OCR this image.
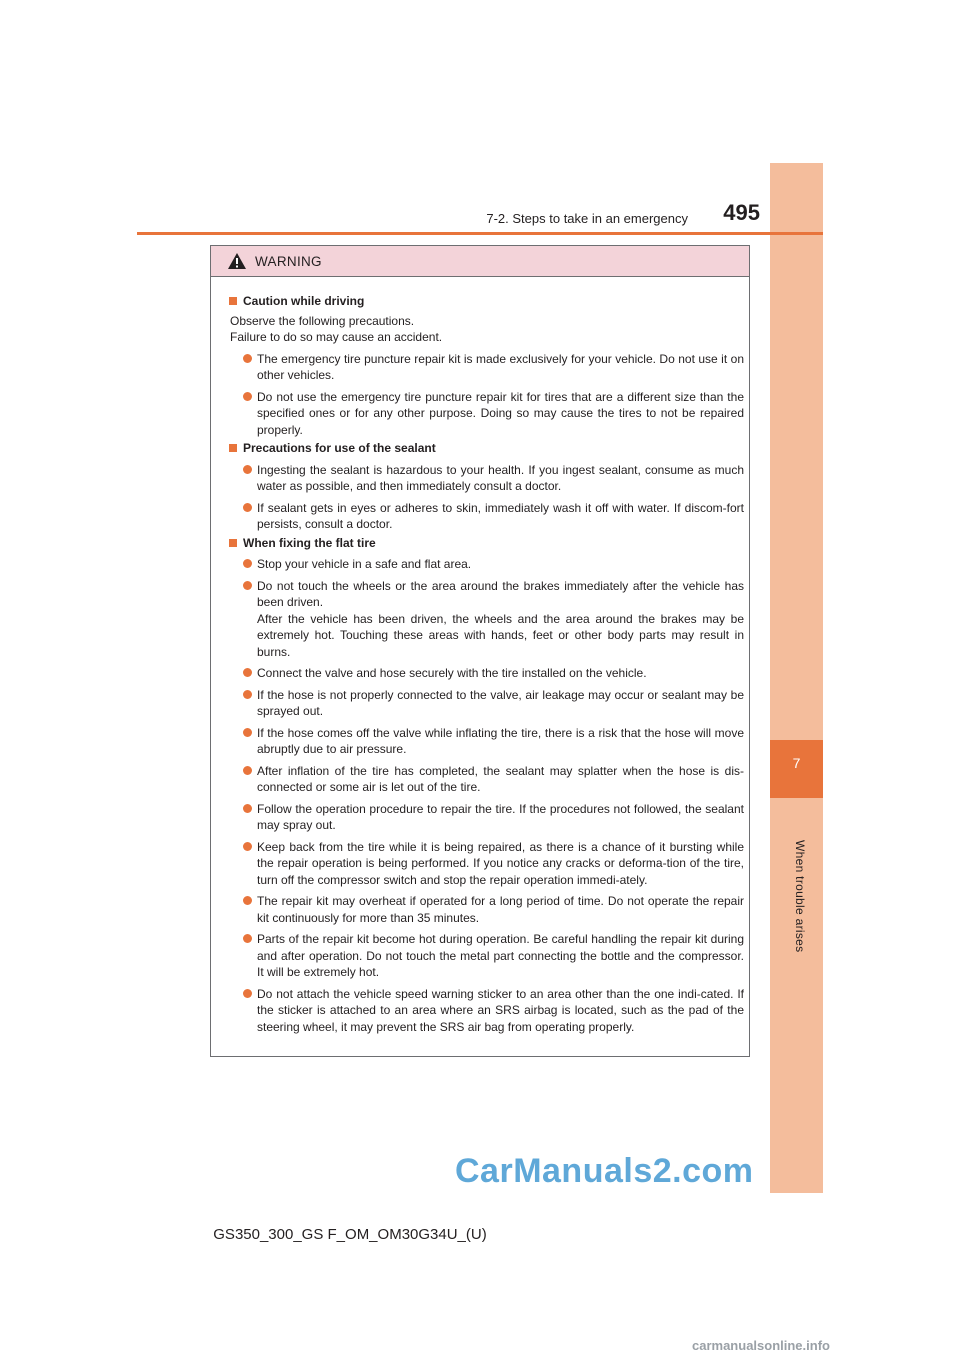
7
When trouble arises
7-2. Steps to take in an emergency	495
WARNING
Caution while driving
Observe the following precautions.
Failure to do so may cause an accident.
The emergency tire puncture repair kit is made exclusively for your vehicle. Do not use it on other vehicles.
Do not use the emergency tire puncture repair kit for tires that are a different size than the specified ones or for any other purpose. Doing so may cause the tires to not be repaired properly.
Precautions for use of the sealant
Ingesting the sealant is hazardous to your health. If you ingest sealant, consume as much water as possible, and then immediately consult a doctor.
If sealant gets in eyes or adheres to skin, immediately wash it off with water. If discom-fort persists, consult a doctor.
When fixing the flat tire
Stop your vehicle in a safe and flat area.
Do not touch the wheels or the area around the brakes immediately after the vehicle has been driven.
After the vehicle has been driven, the wheels and the area around the brakes may be extremely hot. Touching these areas with hands, feet or other body parts may result in burns.
Connect the valve and hose securely with the tire installed on the vehicle.
If the hose is not properly connected to the valve, air leakage may occur or sealant may be sprayed out.
If the hose comes off the valve while inflating the tire, there is a risk that the hose will move abruptly due to air pressure.
After inflation of the tire has completed, the sealant may splatter when the hose is dis-connected or some air is let out of the tire.
Follow the operation procedure to repair the tire. If the procedures not followed, the sealant may spray out.
Keep back from the tire while it is being repaired, as there is a chance of it bursting while the repair operation is being performed. If you notice any cracks or deforma-tion of the tire, turn off the compressor switch and stop the repair operation immedi-ately.
The repair kit may overheat if operated for a long period of time. Do not operate the repair kit continuously for more than 35 minutes.
Parts of the repair kit become hot during operation. Be careful handling the repair kit during and after operation. Do not touch the metal part connecting the bottle and the compressor. It will be extremely hot.
Do not attach the vehicle speed warning sticker to an area other than the one indi-cated. If the sticker is attached to an area where an SRS airbag is located, such as the pad of the steering wheel, it may prevent the SRS air bag from operating properly.
GS350_300_GS F_OM_OM30G34U_(U)
CarManuals2.com
carmanualsonline.info
